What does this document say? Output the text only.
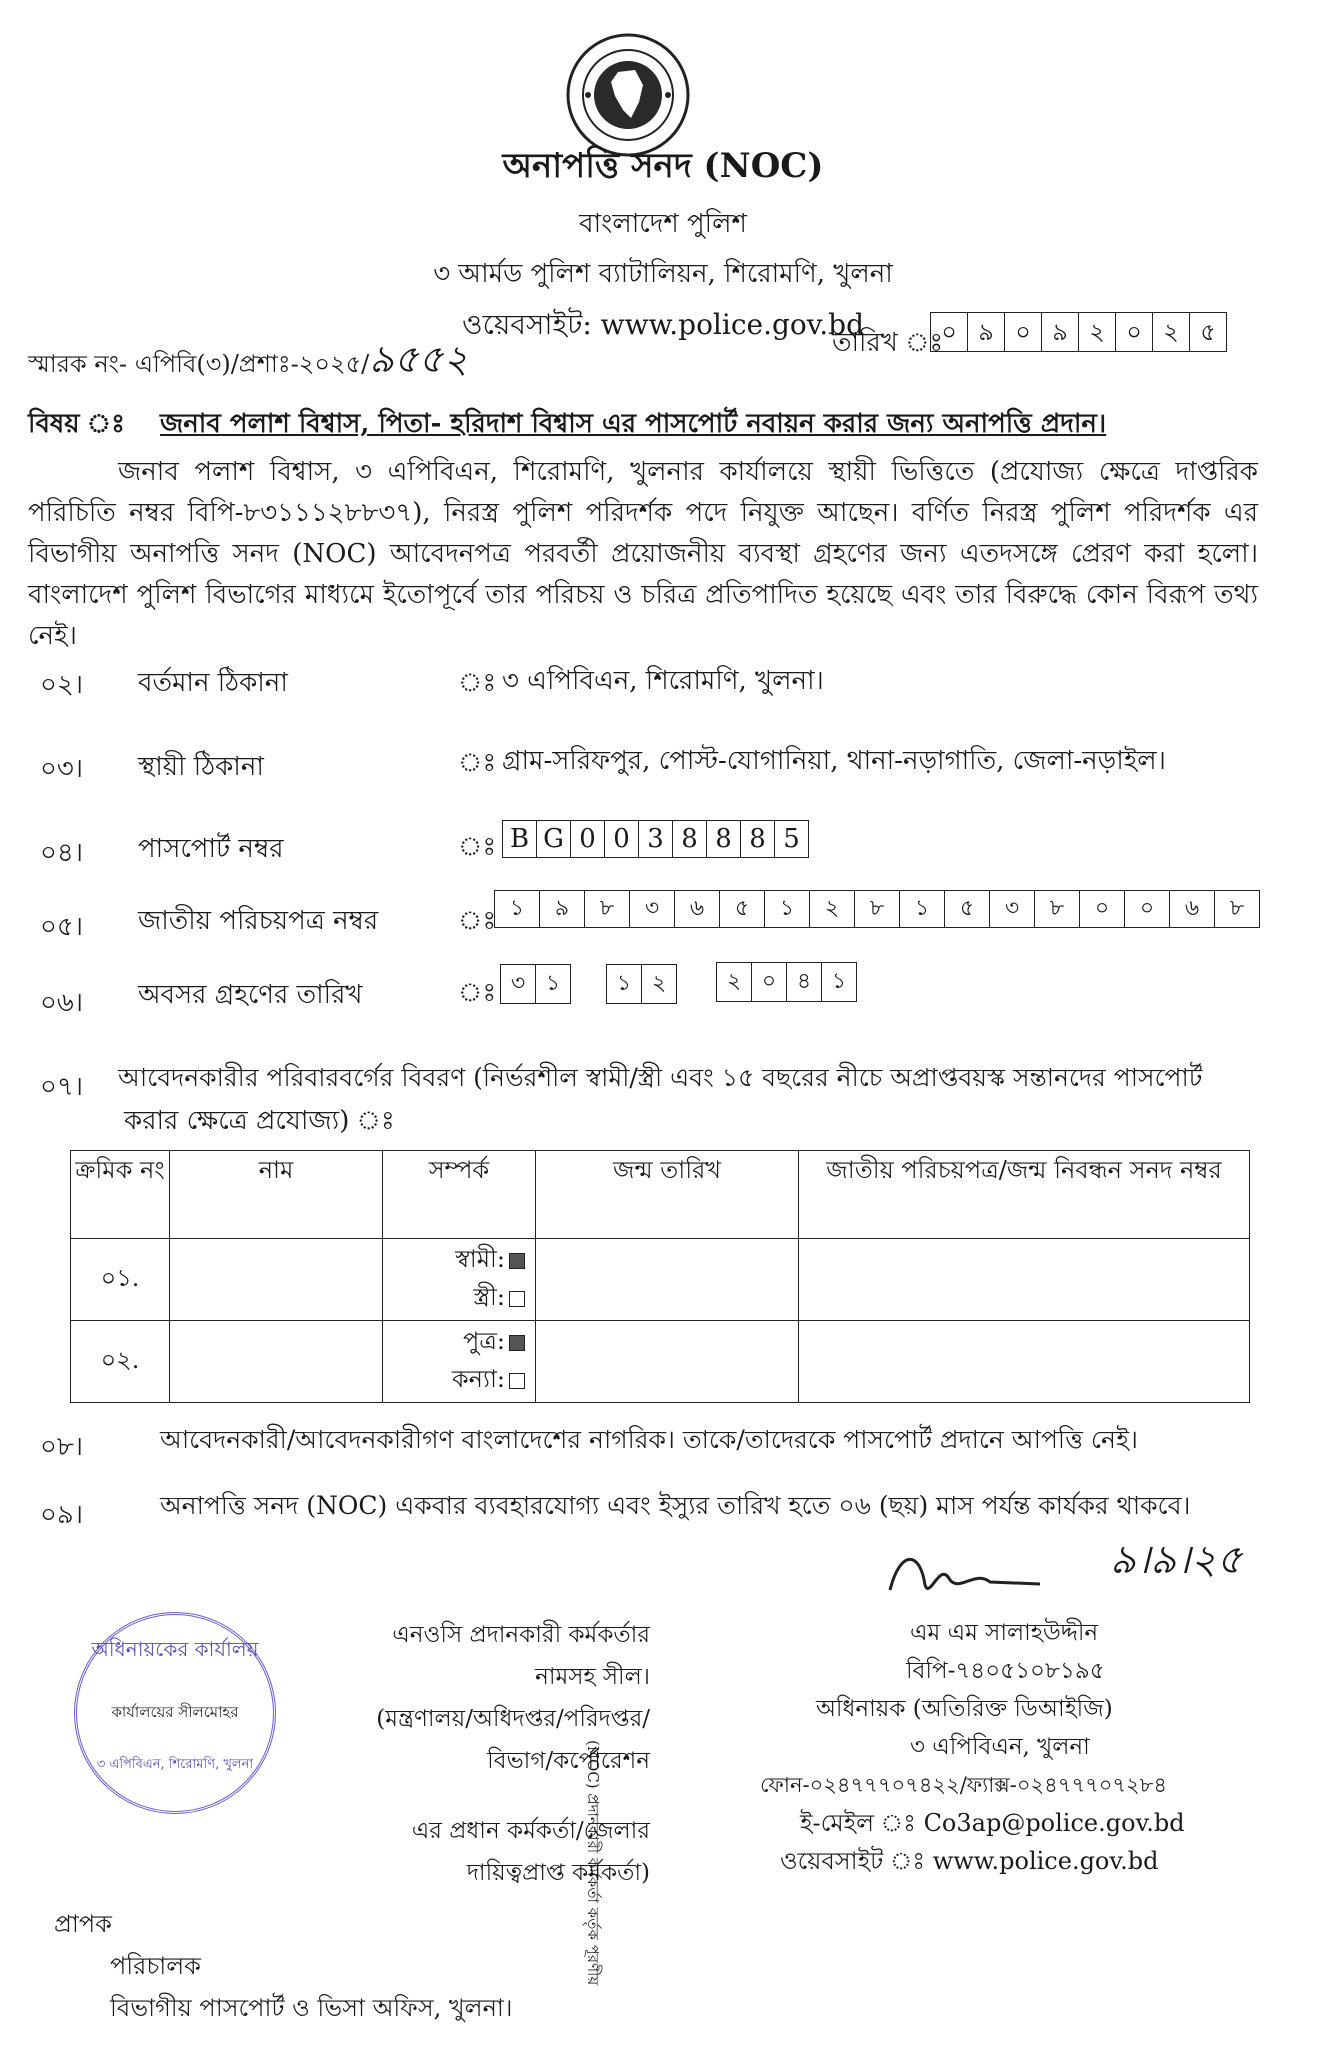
অনাপত্তি সনদ (NOC)
বাংলাদেশ পুলিশ
৩ আর্মড পুলিশ ব্যাটালিয়ন, শিরোমণি, খুলনা
ওয়েবসাইট: www.police.gov.bd
স্মারক নং- এপিবি(৩)/প্রশাঃ-২০২৫/৯৫৫২	তারিখ ঃ
০ ৯ ০ ৯ ২ ০ ২ ৫
বিষয় ঃ জনাব পলাশ বিশ্বাস, পিতা- হরিদাশ বিশ্বাস এর পাসপোর্ট নবায়ন করার জন্য অনাপত্তি প্রদান।
জনাব পলাশ বিশ্বাস, ৩ এপিবিএন, শিরোমণি, খুলনার কার্যালয়ে স্থায়ী ভিত্তিতে (প্রযোজ্য ক্ষেত্রে দাপ্তরিক পরিচিতি নম্বর বিপি-৮৩১১১২৮৮৩৭), নিরস্ত্র পুলিশ পরিদর্শক পদে নিযুক্ত আছেন। বর্ণিত নিরস্ত্র পুলিশ পরিদর্শক এর বিভাগীয় অনাপত্তি সনদ (NOC) আবেদনপত্র পরবর্তী প্রয়োজনীয় ব্যবস্থা গ্রহণের জন্য এতদসঙ্গে প্রেরণ করা হলো। বাংলাদেশ পুলিশ বিভাগের মাধ্যমে ইতোপূর্বে তার পরিচয় ও চরিত্র প্রতিপাদিত হয়েছে এবং তার বিরুদ্ধে কোন বিরূপ তথ্য নেই।
০২। বর্তমান ঠিকানা	ঃ ৩ এপিবিএন, শিরোমণি, খুলনা।
০৩। স্থায়ী ঠিকানা	ঃ গ্রাম-সরিফপুর, পোস্ট-যোগানিয়া, থানা-নড়াগাতি, জেলা-নড়াইল।
০৪। পাসপোর্ট নম্বর	ঃ B G 0 0 3 8 8 8 5
০৫। জাতীয় পরিচয়পত্র নম্বর	ঃ ১	৯	৮	৩	৬	৫	১	২	৮	১	৫	৩	৮	০	০	৬	৮
০৬। অবসর গ্রহণের তারিখ	ঃ ৩ ১	১ ২	২ ০ ৪ ১
০৭। আবেদনকারীর পরিবারবর্গের বিবরণ (নির্ভরশীল স্বামী/স্ত্রী এবং ১৫ বছরের নীচে অপ্রাপ্তবয়স্ক সন্তানদের পাসপোর্ট
করার ক্ষেত্রে প্রযোজ্য) ঃ
ক্রমিক নং	নাম	সম্পর্ক	জন্ম তারিখ	জাতীয় পরিচয়পত্র/জন্ম নিবন্ধন সনদ নম্বর
০১.		স্বামী:
স্ত্রী:		
০২.		পুত্র:
কন্যা:		
০৮।	আবেদনকারী/আবেদনকারীগণ বাংলাদেশের নাগরিক। তাকে/তাদেরকে পাসপোর্ট প্রদানে আপত্তি নেই।
০৯।	অনাপত্তি সনদ (NOC) একবার ব্যবহারযোগ্য এবং ইস্যুর তারিখ হতে ০৬ (ছয়) মাস পর্যন্ত কার্যকর থাকবে।
৯।৯।২৫
অধিনায়কের কার্যালয়
কার্যালয়ের সীলমোহর
৩ এপিবিএন, শিরোমণি, খুলনা
এনওসি প্রদানকারী কর্মকর্তার
নামসহ সীল।
(মন্ত্রণালয়/অধিদপ্তর/পরিদপ্তর/
বিভাগ/কর্পোরেশন
এর প্রধান কর্মকর্তা/জেলার
দায়িত্বপ্রাপ্ত কর্মকর্তা)
(NOC) প্রদানকারী কর্মকর্তা কর্তৃক পূরণীয়
এম এম সালাহউদ্দীন
বিপি-৭৪০৫১০৮১৯৫
অধিনায়ক (অতিরিক্ত ডিআইজি)
৩ এপিবিএন, খুলনা
ফোন-০২৪৭৭৭০৭৪২২/ফ্যাক্স-০২৪৭৭৭০৭২৮৪
ই-মেইল ঃ Co3ap@police.gov.bd
ওয়েবসাইট ঃ www.police.gov.bd
প্রাপক
পরিচালক
বিভাগীয় পাসপোর্ট ও ভিসা অফিস, খুলনা।
